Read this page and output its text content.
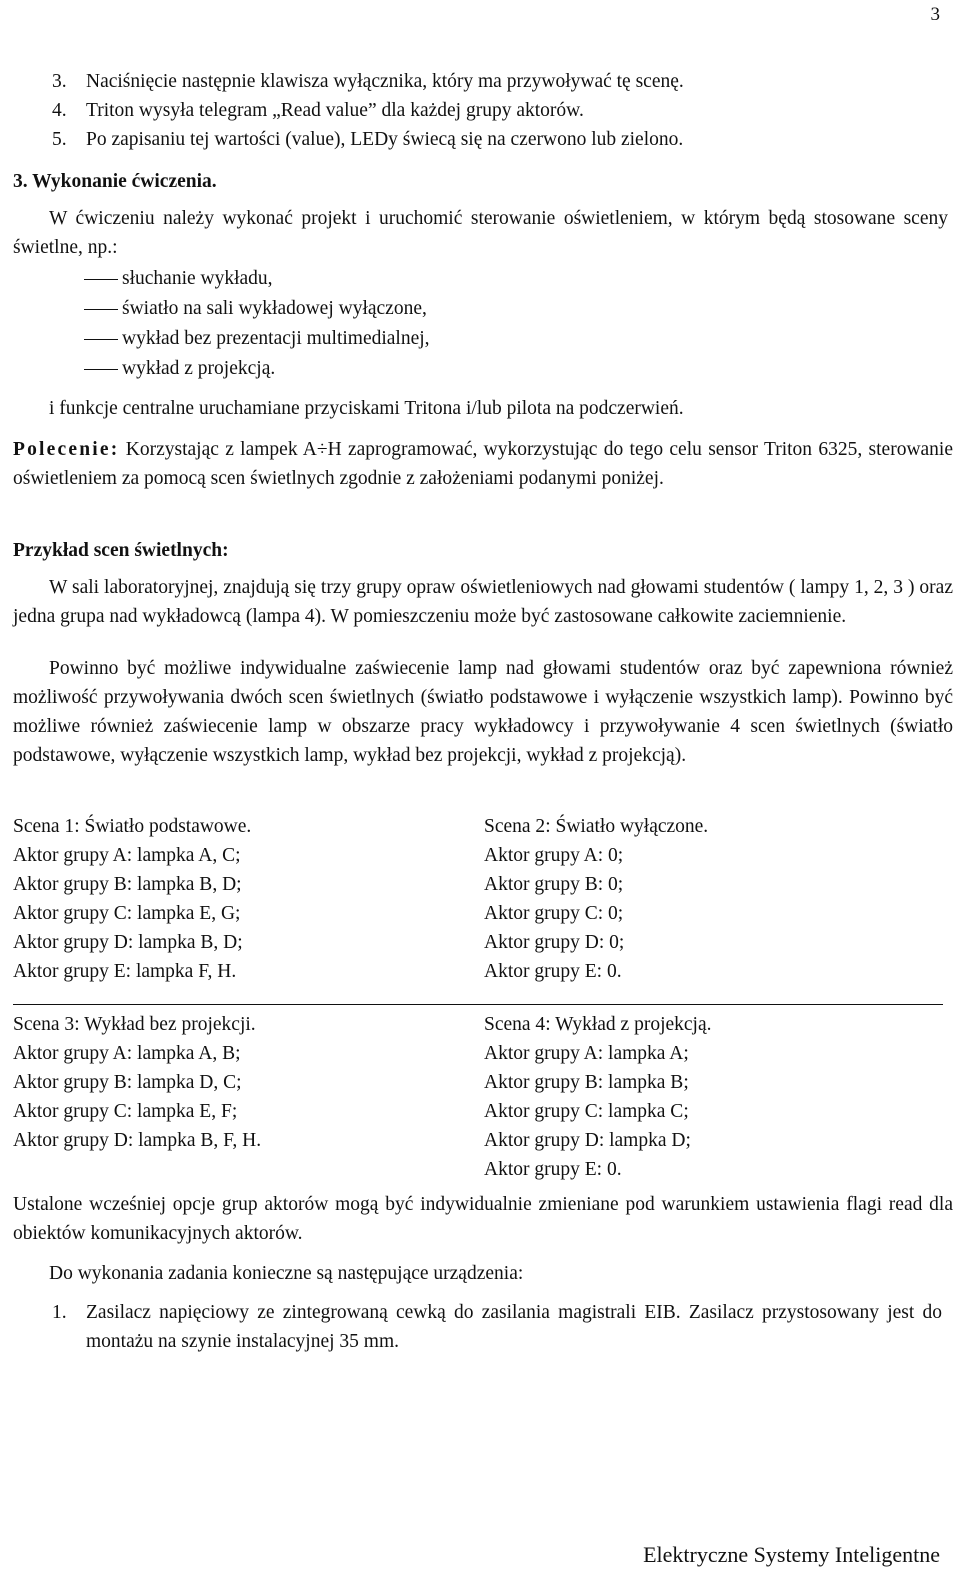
3
3. Naciśnięcie następnie klawisza wyłącznika, który ma przywoływać tę scenę.
4. Triton wysyła telegram „Read value” dla każdej grupy aktorów.
5. Po zapisaniu tej wartości (value), LEDy świecą się na czerwono lub zielono.
3. Wykonanie ćwiczenia.
W ćwiczeniu należy wykonać projekt i uruchomić sterowanie oświetleniem, w którym będą stosowane sceny świetlne, np.:
słuchanie wykładu,
światło na sali wykładowej wyłączone,
wykład bez prezentacji multimedialnej,
wykład z projekcją.
i funkcje centralne uruchamiane przyciskami Tritona i/lub pilota na podczerwień.
Polecenie: Korzystając z lampek A÷H zaprogramować, wykorzystując do tego celu sensor Triton 6325, sterowanie oświetleniem za pomocą scen świetlnych zgodnie z założeniami podanymi poniżej.
Przykład scen świetlnych:
W sali laboratoryjnej, znajdują się trzy grupy opraw oświetleniowych nad głowami studentów ( lampy 1, 2, 3 ) oraz jedna grupa nad wykładowcą (lampa 4). W pomieszczeniu może być zastosowane całkowite zaciemnienie.
Powinno być możliwe indywidualne zaświecenie lamp nad głowami studentów oraz być zapewniona również możliwość przywoływania dwóch scen świetlnych (światło podstawowe i wyłączenie wszystkich lamp). Powinno być możliwe również zaświecenie lamp w obszarze pracy wykładowcy i przywoływanie 4 scen świetlnych (światło podstawowe, wyłączenie wszystkich lamp, wykład bez projekcji, wykład z projekcją).
Scena 1: Światło podstawowe.
Aktor grupy A: lampka A, C;
Aktor grupy B: lampka B, D;
Aktor grupy C: lampka E, G;
Aktor grupy D: lampka B, D;
Aktor grupy E: lampka F, H.
Scena 2: Światło wyłączone.
Aktor grupy A: 0;
Aktor grupy B: 0;
Aktor grupy C: 0;
Aktor grupy D: 0;
Aktor grupy E: 0.
Scena 3: Wykład bez projekcji.
Aktor grupy A: lampka A, B;
Aktor grupy B: lampka D, C;
Aktor grupy C: lampka E, F;
Aktor grupy D: lampka B, F, H.
Scena 4: Wykład z projekcją.
Aktor grupy A: lampka A;
Aktor grupy B: lampka B;
Aktor grupy C: lampka C;
Aktor grupy D: lampka D;
Aktor grupy E: 0.
Ustalone wcześniej opcje grup aktorów mogą być indywidualnie zmieniane pod warunkiem ustawienia flagi read dla obiektów komunikacyjnych aktorów.
Do wykonania zadania konieczne są następujące urządzenia:
1. Zasilacz napięciowy ze zintegrowaną cewką do zasilania magistrali EIB. Zasilacz przystosowany jest do montażu na szynie instalacyjnej 35 mm.
Elektryczne Systemy Inteligentne
